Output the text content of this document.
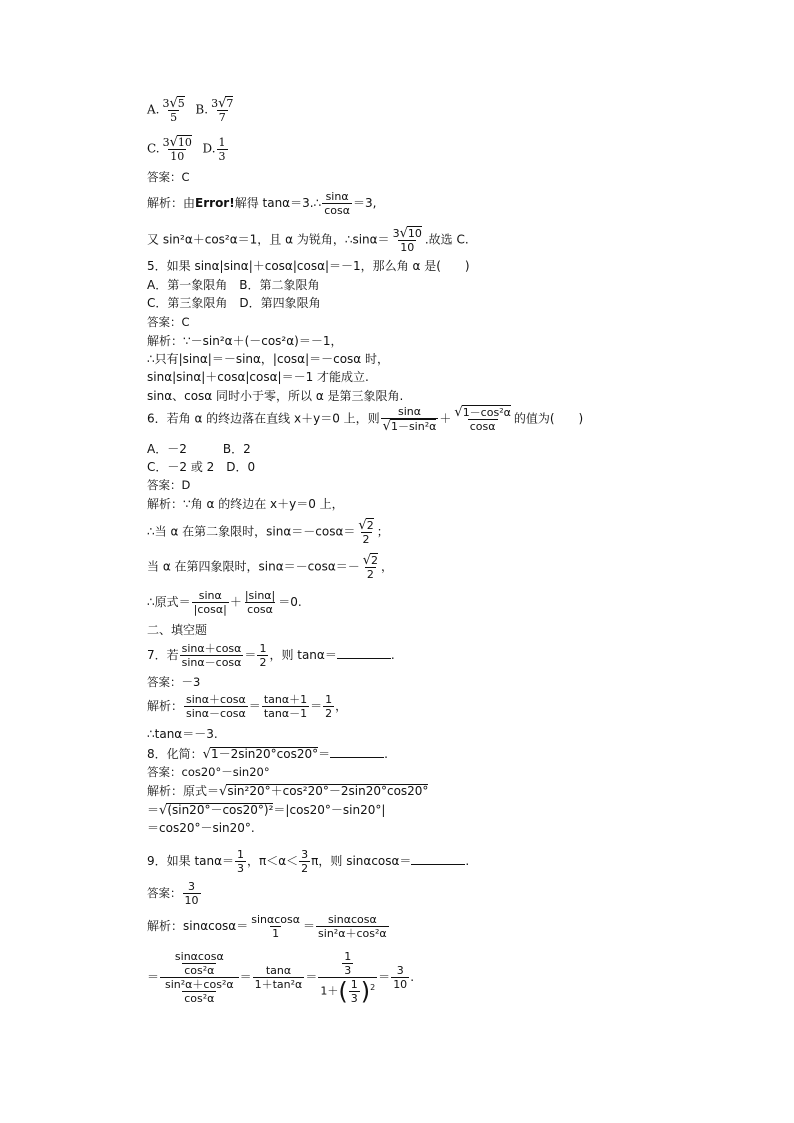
A. $\frac{3√5}{5} B$. $\frac{3√7}{7}$
C. $\frac{3√10}{10} D$. $\frac{1}{3}$
答案：C
解析：由Error!解得 tanα＝3.∴ $\frac{\sin\alpha}{\cos\alpha} =3$,
又 sin²α＋cos²α＝1，且 α 为锐角，∴sinα＝ $\frac{3√10}{10}$ .故选 C.
5．如果 sinα|sinα|＋cosα|cosα|＝－1，那么角 α 是(　　)
A．第一象限角　B．第二象限角
C．第三象限角　D．第四象限角
答案：C
解析：∵－sin²α＋(－cos²α)＝－1，
∴只有|sinα|＝－sinα，|cosα|＝－cosα 时，
sinα|sinα|＋cosα|cosα|＝－1 才能成立.
sinα、cosα 同时小于零，所以 α 是第三象限角.
6．若角 α 的终边落在直线 x＋y＝0 上，则 $\frac{\sin\alpha}{\text{√1－sin²α}} + \frac{\text{√1－cos²α}}{\cos\alpha}$ 的值为(　　)
A．－2　　　B．2
C．－2 或 2　D．0
答案：D
解析：∵角 α 的终边在 x＋y＝0 上，
∴当 α 在第二象限时，$\sin\alpha=-\cos\alpha= \frac{√2}{2}$ ；
当 α 在第四象限时，$\sin\alpha=-\cos\alpha=- \frac{√2}{2}$ ，
∴原式＝ $\frac{\sin\alpha}{|\cos\alpha|} + \frac{|\sin\alpha|}{\cos\alpha} =0$.
二、填空题
7．若 $\frac{\sin\alpha+\cos\alpha}{\sin\alpha-\cos\alpha} = \frac{1}{2}$ ，则 tanα＝	.
答案：－3
解析： $\frac{\sin\alpha+\cos\alpha}{\sin\alpha-\cos\alpha} = \frac{\tan\alpha+1}{\tan\alpha-1} = \frac{1}{2}$ ，
∴tanα＝－3.
8．化简：√1－2sin20°cos20°＝	.
答案：cos20°－sin20°
解析：原式＝√sin²20°＋cos²20°－2sin20°cos20°
＝√(sin20°－cos20°)²＝|cos20°－sin20°|
＝cos20°－sin20°.
9．如果 $\tan\alpha= \frac{1}{3}$ ，$\pi<\alpha< \frac{3}{2}$ π，则 sinαcosα＝	.
答案： $\frac{3}{10}$
解析：$\sin\alpha\cos\alpha= \frac{\sin\alpha\cos\alpha}{1} = \frac{\sin\alpha\cos\alpha}{\text{sin²α＋cos²α}}$
＝ $\frac{\frac{\sin\alpha\cos\alpha}{\text{cos²α}}}{\frac{\text{sin²α＋cos²α}}{\text{cos²α}}} = \frac{\tan\alpha}{\text{1＋tan²α}} = \frac{\frac{1}{3}}{1+( \frac{1}{3} )^2} = \frac{3}{10}$ .
